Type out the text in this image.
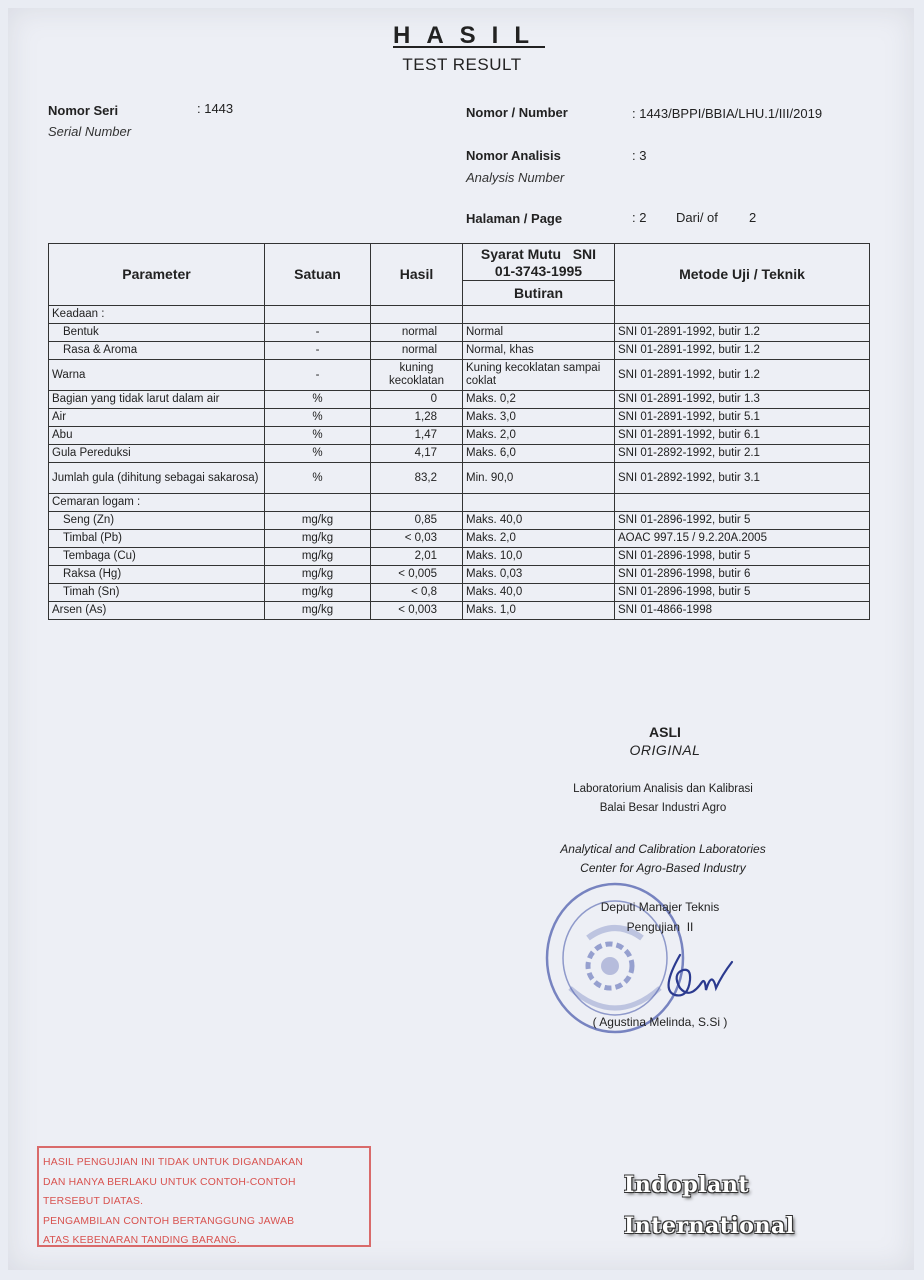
HASIL
TEST RESULT
Nomor Seri
Serial Number
: 1443	Nomor / Number	: 1443/BPPI/BBIA/LHU.1/III/2019
Nomor Analisis
Analysis Number
: 3
Halaman / Page	: 2 Dari/ of 2
Parameter	Satuan	Hasil	
Syarat Mutu   SNI
01-3743-1995	Metode Uji / Teknik
Butiran
Keadaan :				
Bentuk	-	normal	Normal	SNI 01-2891-1992, butir 1.2
Rasa & Aroma	-	normal	Normal, khas	SNI 01-2891-1992, butir 1.2
Warna	-	kuning kecoklatan	Kuning kecoklatan sampai coklat	SNI 01-2891-1992, butir 1.2
Bagian yang tidak larut dalam air	%	0	Maks. 0,2	SNI 01-2891-1992, butir 1.3
Air	%	1,28	Maks. 3,0	SNI 01-2891-1992, butir 5.1
Abu	%	1,47	Maks. 2,0	SNI 01-2891-1992, butir 6.1
Gula Pereduksi	%	4,17	Maks. 6,0	SNI 01-2892-1992, butir 2.1
Jumlah gula (dihitung sebagai sakarosa)	%	83,2	Min. 90,0	SNI 01-2892-1992, butir 3.1
Cemaran logam :				
Seng (Zn)	mg/kg	0,85	Maks. 40,0	SNI 01-2896-1992, butir 5
Timbal (Pb)	mg/kg	< 0,03	Maks. 2,0	AOAC 997.15 / 9.2.20A.2005
Tembaga (Cu)	mg/kg	2,01	Maks. 10,0	SNI 01-2896-1998, butir 5
Raksa (Hg)	mg/kg	< 0,005	Maks. 0,03	SNI 01-2896-1998, butir 6
Timah (Sn)	mg/kg	< 0,8	Maks. 40,0	SNI 01-2896-1998, butir 5
Arsen (As)	mg/kg	< 0,003	Maks. 1,0	SNI 01-4866-1998
ASLI
ORIGINAL
Laboratorium Analisis dan Kalibrasi
Balai Besar Industri Agro
Analytical and Calibration Laboratories
Center for Agro-Based Industry
Deputi Manajer Teknis
Pengujian  II
( Agustina Melinda, S.Si )
HASIL PENGUJIAN INI TIDAK UNTUK DIGANDAKAN
DAN HANYA BERLAKU UNTUK CONTOH-CONTOH
TERSEBUT DIATAS.
PENGAMBILAN CONTOH BERTANGGUNG JAWAB
ATAS KEBENARAN TANDING BARANG.
Indoplant
International
